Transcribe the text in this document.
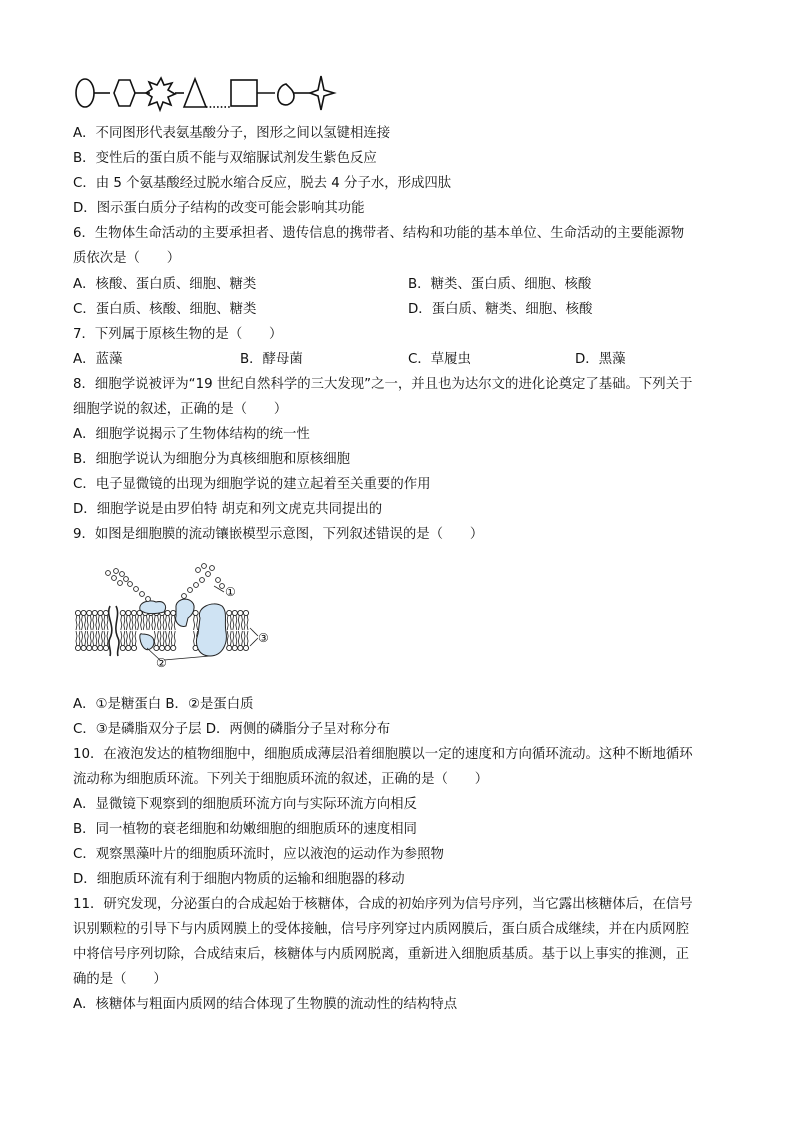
A．不同图形代表氨基酸分子，图形之间以氢键相连接
B．变性后的蛋白质不能与双缩脲试剂发生紫色反应
C．由 5 个氨基酸经过脱水缩合反应，脱去 4 分子水，形成四肽
D．图示蛋白质分子结构的改变可能会影响其功能
6．生物体生命活动的主要承担者、遗传信息的携带者、结构和功能的基本单位、生命活动的主要能源物
质依次是（　　）
A．核酸、蛋白质、细胞、糖类	B．糖类、蛋白质、细胞、核酸
C．蛋白质、核酸、细胞、糖类	D．蛋白质、糖类、细胞、核酸
7．下列属于原核生物的是（　　）
A．蓝藻	B．酵母菌	C．草履虫	D．黑藻
8．细胞学说被评为“19 世纪自然科学的三大发现”之一，并且也为达尔文的进化论奠定了基础。下列关于
细胞学说的叙述，正确的是（　　）
A．细胞学说揭示了生物体结构的统一性
B．细胞学说认为细胞分为真核细胞和原核细胞
C．电子显微镜的出现为细胞学说的建立起着至关重要的作用
D．细胞学说是由罗伯特 胡克和列文虎克共同提出的
9．如图是细胞膜的流动镶嵌模型示意图，下列叙述错误的是（　　）
①
②
③
A．①是糖蛋白 B．②是蛋白质
C．③是磷脂双分子层 D．两侧的磷脂分子呈对称分布
10．在液泡发达的植物细胞中，细胞质成薄层沿着细胞膜以一定的速度和方向循环流动。这种不断地循环
流动称为细胞质环流。下列关于细胞质环流的叙述，正确的是（　　）
A．显微镜下观察到的细胞质环流方向与实际环流方向相反
B．同一植物的衰老细胞和幼嫩细胞的细胞质环的速度相同
C．观察黑藻叶片的细胞质环流时，应以液泡的运动作为参照物
D．细胞质环流有利于细胞内物质的运输和细胞器的移动
11．研究发现，分泌蛋白的合成起始于核糖体，合成的初始序列为信号序列，当它露出核糖体后，在信号
识别颗粒的引导下与内质网膜上的受体接触，信号序列穿过内质网膜后，蛋白质合成继续，并在内质网腔
中将信号序列切除，合成结束后，核糖体与内质网脱离，重新进入细胞质基质。基于以上事实的推测，正
确的是（　　）
A．核糖体与粗面内质网的结合体现了生物膜的流动性的结构特点
